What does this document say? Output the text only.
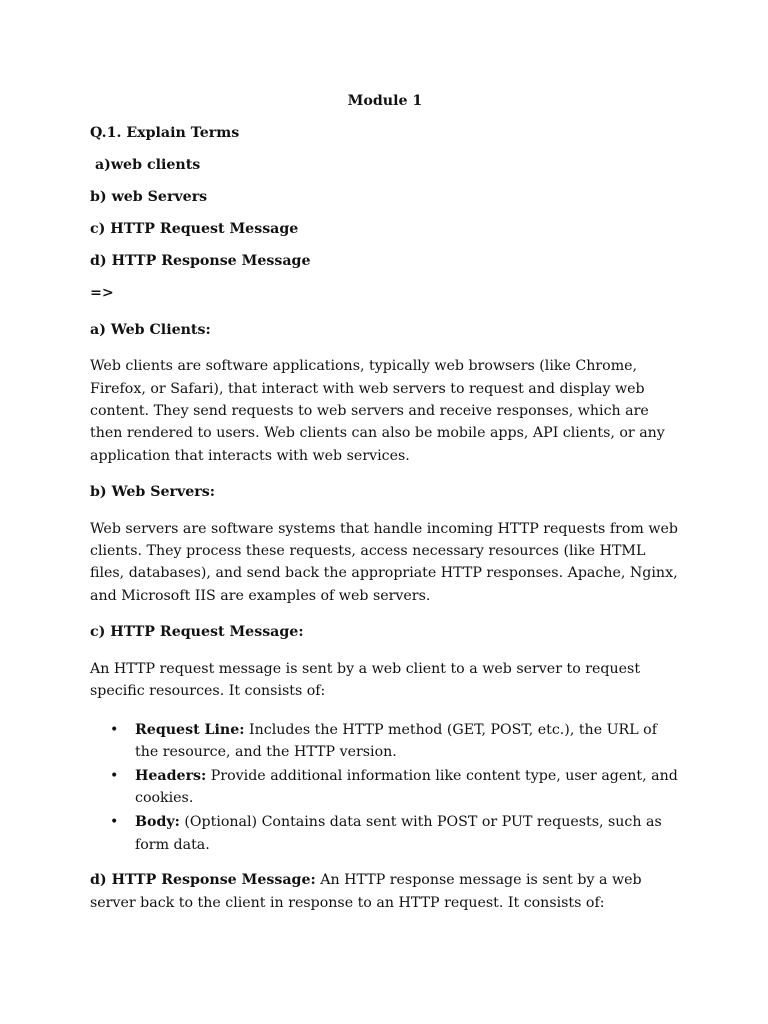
Module 1
Q.1. Explain Terms
a)web clients
b) web Servers
c) HTTP Request Message
d) HTTP Response Message
=>
a) Web Clients:

Web clients are software applications, typically web browsers (like Chrome, Firefox, or Safari), that interact with web servers to request and display web content. They send requests to web servers and receive responses, which are then rendered to users. Web clients can also be mobile apps, API clients, or any application that interacts with web services.

b) Web Servers:

Web servers are software systems that handle incoming HTTP requests from web clients. They process these requests, access necessary resources (like HTML files, databases), and send back the appropriate HTTP responses. Apache, Nginx, and Microsoft IIS are examples of web servers.

c) HTTP Request Message:

An HTTP request message is sent by a web client to a web server to request specific resources. It consists of:

• Request Line: Includes the HTTP method (GET, POST, etc.), the URL of the resource, and the HTTP version.
• Headers: Provide additional information like content type, user agent, and cookies.
• Body: (Optional) Contains data sent with POST or PUT requests, such as form data.

d) HTTP Response Message: An HTTP response message is sent by a web server back to the client in response to an HTTP request. It consists of:
